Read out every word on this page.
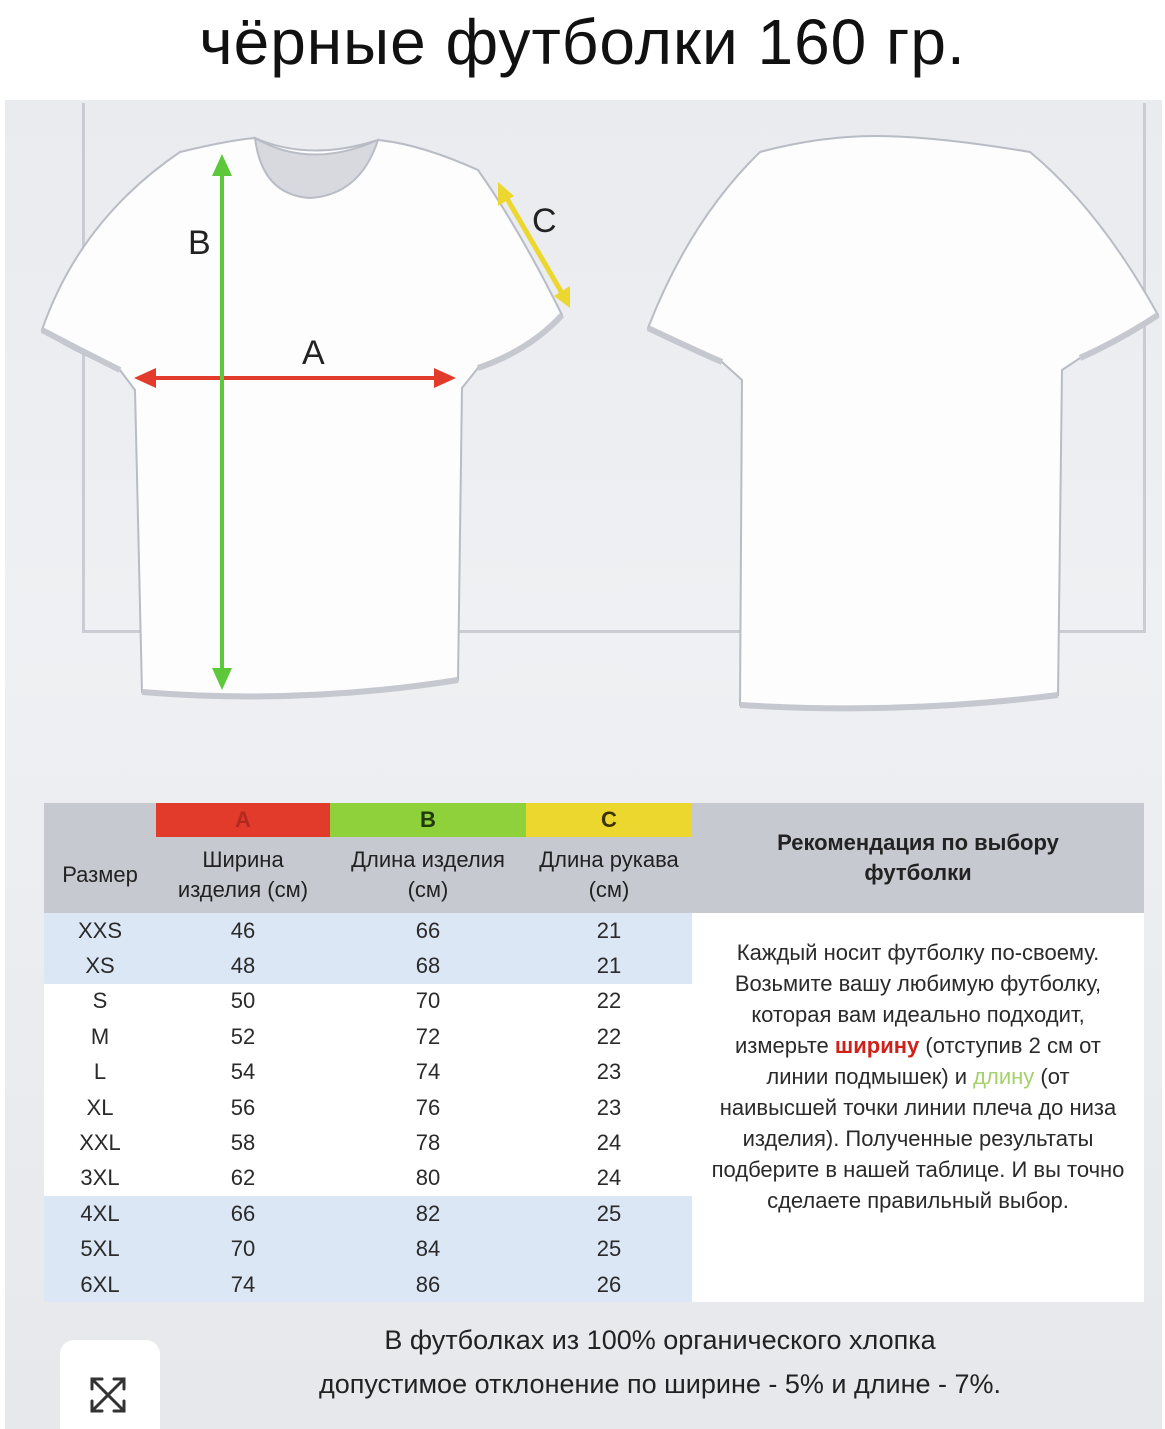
чёрные футболки 160 гр.
B
A
C
	A	B	C	Рекомендация по выбору футболки
Размер	Ширина изделия (см)	Длина изделия (см)	Длина рукава (см)	
XXS	46	66	21	Каждый носит футболку по-своему. Возьмите вашу любимую футболку, которая вам идеально подходит, измерьте ширину (отступив 2 см от линии подмышек) и длину (от наивысшей точки линии плеча до низа изделия). Полученные результаты подберите в нашей таблице. И вы точно сделаете правильный выбор.
XS	48	68	21	
S	50	70	22	
M	52	72	22	
L	54	74	23	
XL	56	76	23	
XXL	58	78	24	
3XL	62	80	24	
4XL	66	82	25	
5XL	70	84	25	
6XL	74	86	26	
В футболках из 100% органического хлопка
допустимое отклонение по ширине - 5% и длине - 7%.
